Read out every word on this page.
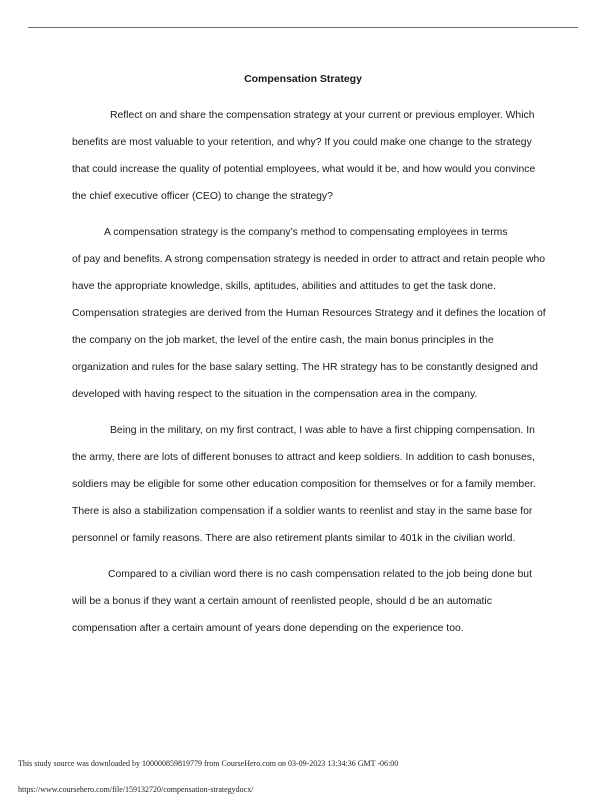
Compensation Strategy
Reflect on and share the compensation strategy at your current or previous employer. Which
benefits are most valuable to your retention, and why? If you could make one change to the strategy
that could increase the quality of potential employees, what would it be, and how would you convince
the chief executive officer (CEO) to change the strategy?
A compensation strategy is the company’s method to compensating employees in terms
of pay and benefits. A strong compensation strategy is needed in order to attract and retain people who
have the appropriate knowledge, skills, aptitudes, abilities and attitudes to get the task done.
Compensation strategies are derived from the Human Resources Strategy and it defines the location of
the company on the job market, the level of the entire cash, the main bonus principles in the
organization and rules for the base salary setting. The HR strategy has to be constantly designed and
developed with having respect to the situation in the compensation area in the company.
Being in the military, on my first contract, I was able to have a first chipping compensation. In
the army, there are lots of different bonuses to attract and keep soldiers. In addition to cash bonuses,
soldiers may be eligible for some other education composition for themselves or for a family member.
There is also a stabilization compensation if a soldier wants to reenlist and stay in the same base for
personnel or family reasons. There are also retirement plants similar to 401k in the civilian world.
Compared to a civilian word there is no cash compensation related to the job being done but
will be a bonus if they want a certain amount of reenlisted people, should d be an automatic
compensation after a certain amount of years done depending on the experience too.
This study source was downloaded by 100000859819779 from CourseHero.com on 03-09-2023 13:34:36 GMT -06:00
https://www.coursehero.com/file/159132720/compensation-strategydocx/
